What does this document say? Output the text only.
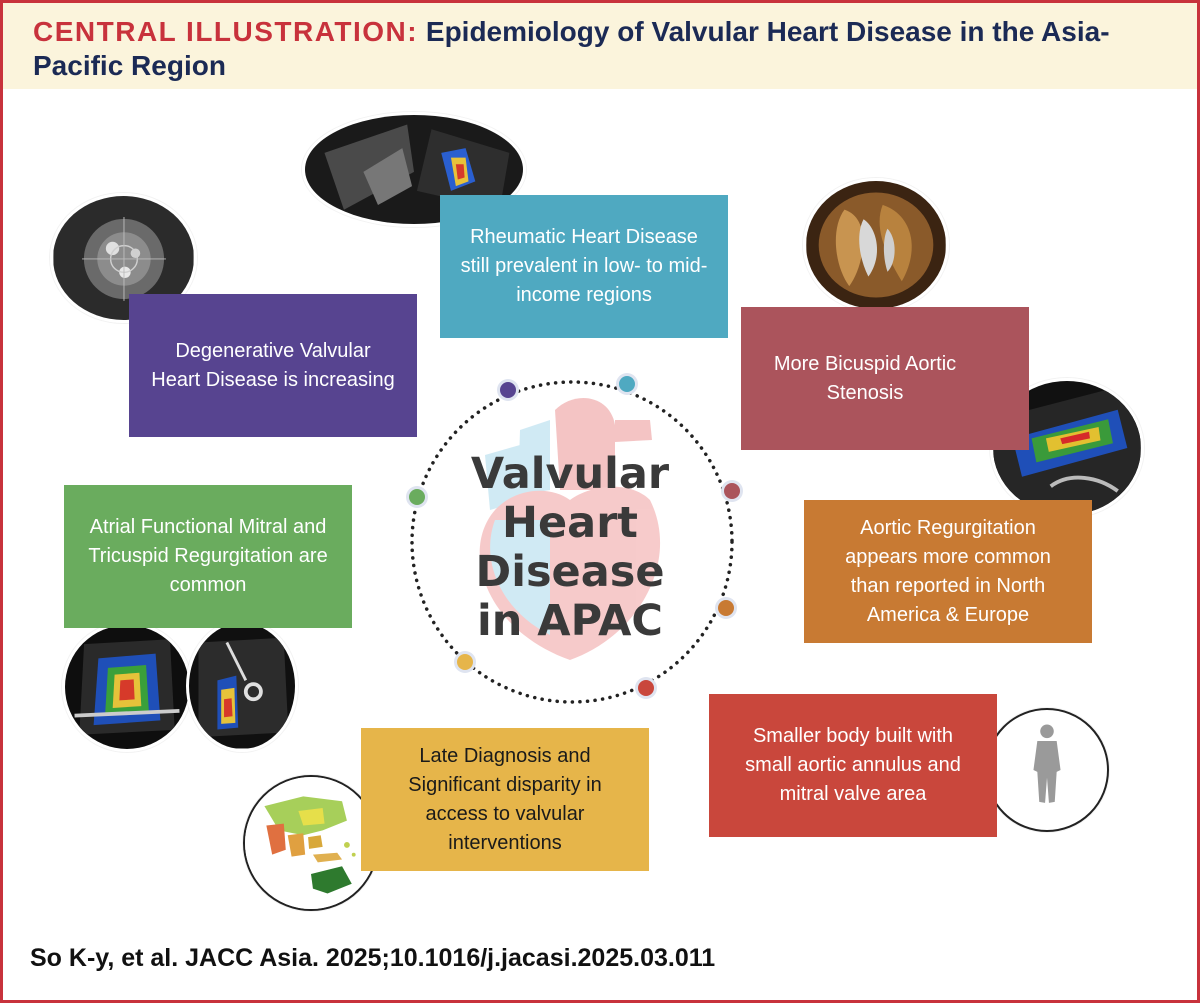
CENTRAL ILLUSTRATION: Epidemiology of Valvular Heart Disease in the Asia-Pacific Region
Valvular Heart Disease in APAC
Degenerative Valvular Heart Disease is increasing
Rheumatic Heart Disease still prevalent in low- to mid-income regions
More Bicuspid Aortic Stenosis
Atrial Functional Mitral and Tricuspid Regurgitation are common
Aortic Regurgitation appears more common than reported in North America & Europe
Late Diagnosis and Significant disparity in access to valvular interventions
Smaller body built with small aortic annulus and mitral valve area
So K-y, et al. JACC Asia. 2025;10.1016/j.jacasi.2025.03.011
